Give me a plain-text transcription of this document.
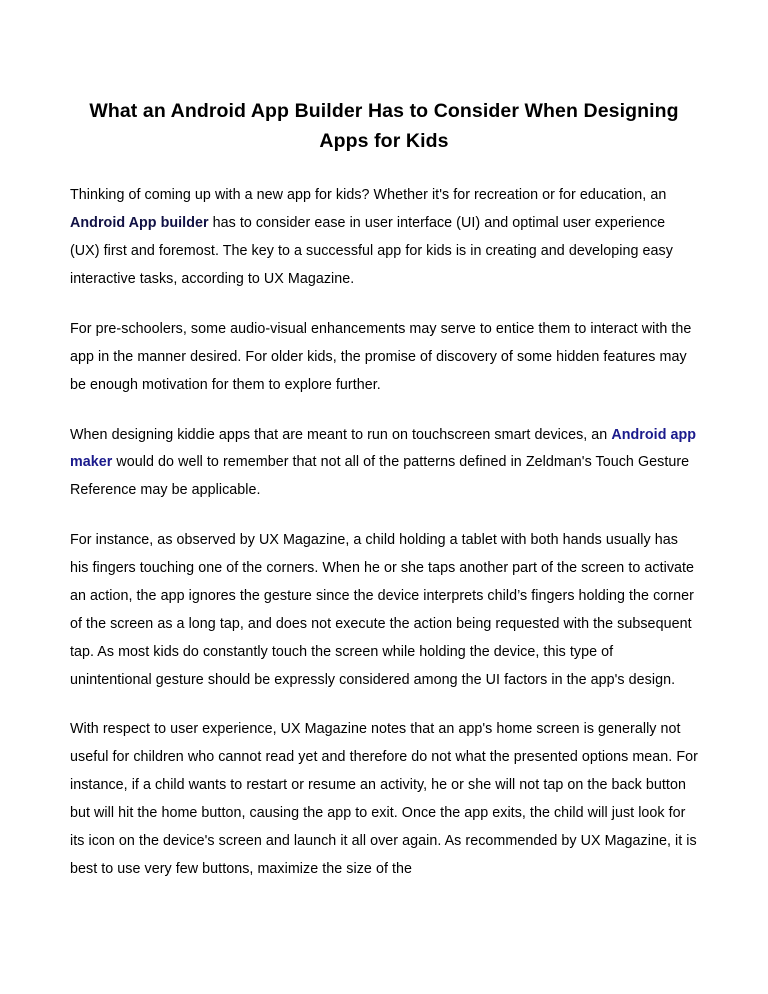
What an Android App Builder Has to Consider When Designing Apps for Kids

Thinking of coming up with a new app for kids? Whether it's for recreation or for education, an Android App builder has to consider ease in user interface (UI) and optimal user experience (UX) first and foremost. The key to a successful app for kids is in creating and developing easy interactive tasks, according to UX Magazine.

For pre-schoolers, some audio-visual enhancements may serve to entice them to interact with the app in the manner desired. For older kids, the promise of discovery of some hidden features may be enough motivation for them to explore further.

When designing kiddie apps that are meant to run on touchscreen smart devices, an Android app maker would do well to remember that not all of the patterns defined in Zeldman's Touch Gesture Reference may be applicable.

For instance, as observed by UX Magazine, a child holding a tablet with both hands usually has his fingers touching one of the corners. When he or she taps another part of the screen to activate an action, the app ignores the gesture since the device interprets child’s fingers holding the corner of the screen as a long tap, and does not execute the action being requested with the subsequent tap. As most kids do constantly touch the screen while holding the device, this type of unintentional gesture should be expressly considered among the UI factors in the app's design.

With respect to user experience, UX Magazine notes that an app's home screen is generally not useful for children who cannot read yet and therefore do not what the presented options mean. For instance, if a child wants to restart or resume an activity, he or she will not tap on the back button but will hit the home button, causing the app to exit. Once the app exits, the child will just look for its icon on the device's screen and launch it all over again. As recommended by UX Magazine, it is best to use very few buttons, maximize the size of the
